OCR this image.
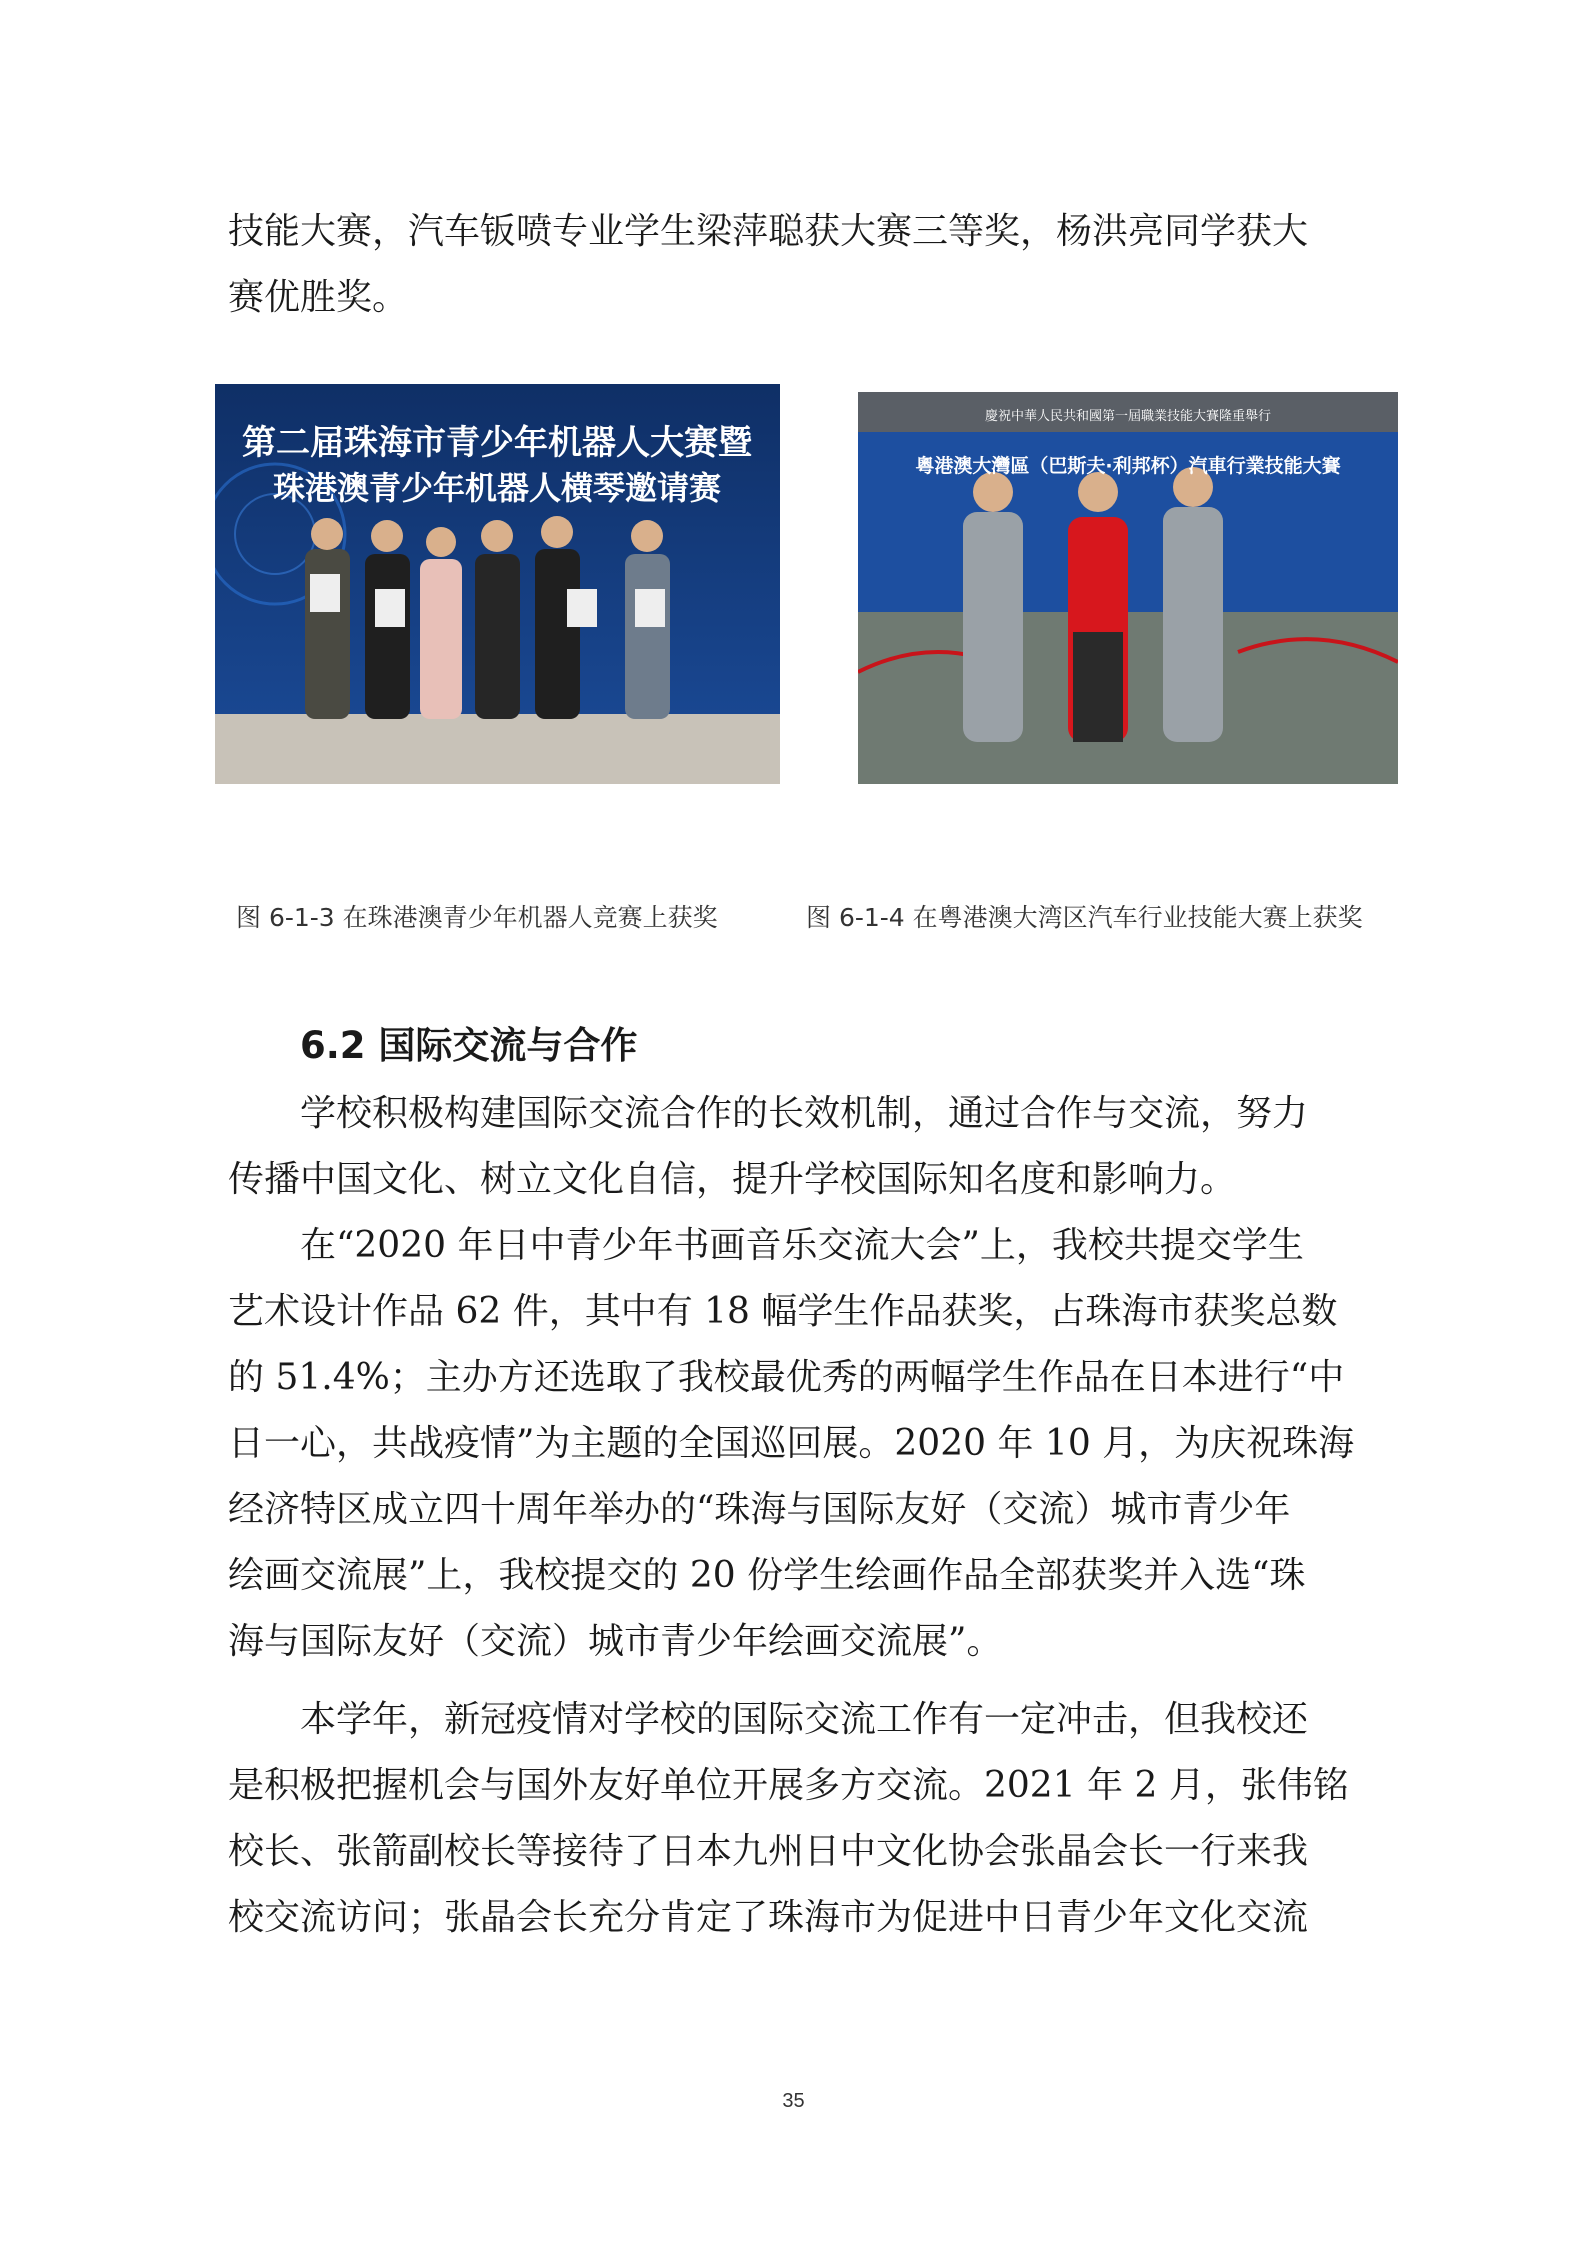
技能大赛，汽车钣喷专业学生梁萍聪获大赛三等奖，杨洪亮同学获大
赛优胜奖。
第二届珠海市青少年机器人大赛暨
珠港澳青少年机器人横琴邀请赛
慶祝中華人民共和國第一屆職業技能大賽隆重舉行
粵港澳大灣區（巴斯夫·利邦杯）汽車行業技能大賽
图 6-1-3 在珠港澳青少年机器人竞赛上获奖	图 6-1-4 在粤港澳大湾区汽车行业技能大赛上获奖
6.2 国际交流与合作
学校积极构建国际交流合作的长效机制，通过合作与交流，努力
传播中国文化、树立文化自信，提升学校国际知名度和影响力。
在“2020 年日中青少年书画音乐交流大会”上，我校共提交学生
艺术设计作品 62 件，其中有 18 幅学生作品获奖，占珠海市获奖总数
的 51.4%；主办方还选取了我校最优秀的两幅学生作品在日本进行“中
日一心，共战疫情”为主题的全国巡回展。2020 年 10 月，为庆祝珠海
经济特区成立四十周年举办的“珠海与国际友好（交流）城市青少年
绘画交流展”上，我校提交的 20 份学生绘画作品全部获奖并入选“珠
海与国际友好（交流）城市青少年绘画交流展”。
本学年，新冠疫情对学校的国际交流工作有一定冲击，但我校还
是积极把握机会与国外友好单位开展多方交流。2021 年 2 月，张伟铭
校长、张箭副校长等接待了日本九州日中文化协会张晶会长一行来我
校交流访问；张晶会长充分肯定了珠海市为促进中日青少年文化交流
35
